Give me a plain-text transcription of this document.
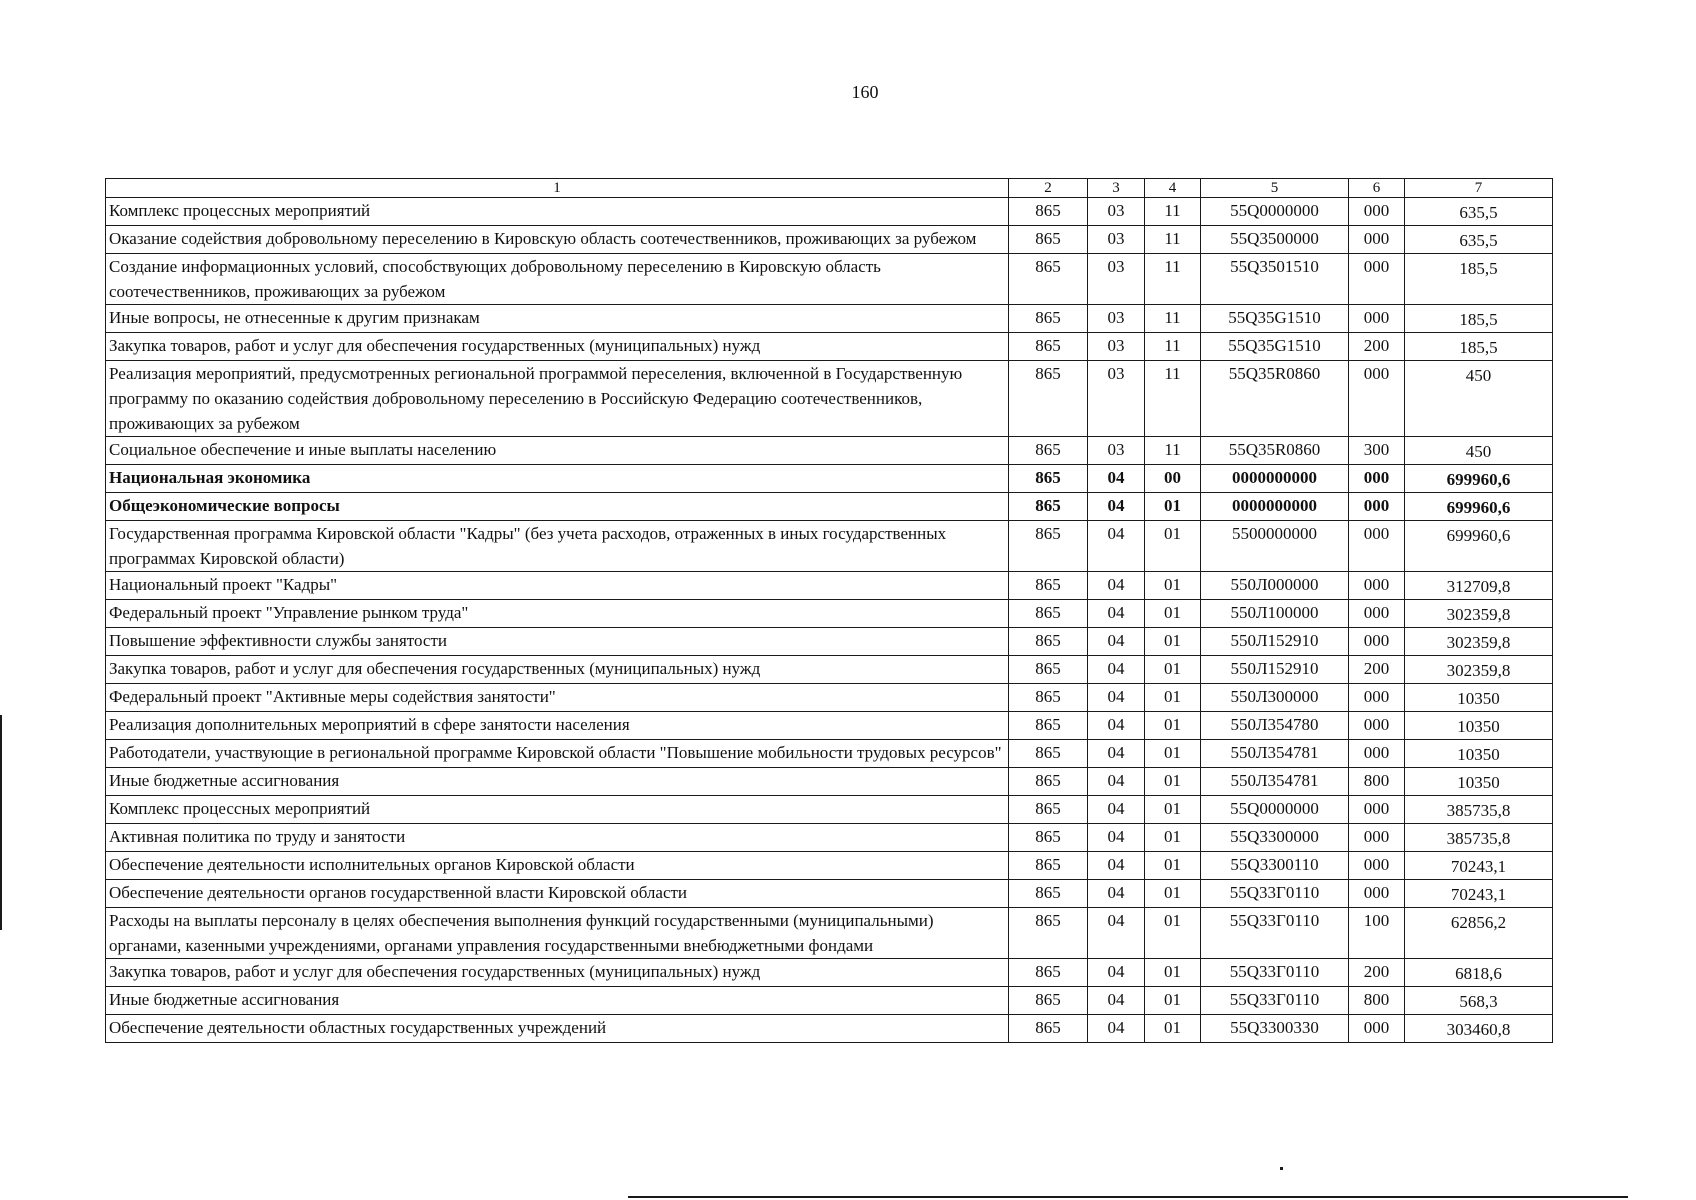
160
1	2	3	4	5	6	7
Комплекс процессных мероприятий	865	03	11	55Q0000000	000	635,5
Оказание содействия добровольному переселению в Кировскую область соотечественников, проживающих за рубежом	865	03	11	55Q3500000	000	635,5
Создание информационных условий, способствующих добровольному переселению в Кировскую область соотечественников, проживающих за рубежом	865	03	11	55Q3501510	000	185,5
Иные вопросы, не отнесенные к другим признакам	865	03	11	55Q35G1510	000	185,5
Закупка товаров, работ и услуг для обеспечения государственных (муниципальных) нужд	865	03	11	55Q35G1510	200	185,5
Реализация мероприятий, предусмотренных региональной программой переселения, включенной в Государственную программу по оказанию содействия добровольному переселению в Российскую Федерацию соотечественников, проживающих за рубежом	865	03	11	55Q35R0860	000	450
Социальное обеспечение и иные выплаты населению	865	03	11	55Q35R0860	300	450
Национальная экономика	865	04	00	0000000000	000	699960,6
Общеэкономические вопросы	865	04	01	0000000000	000	699960,6
Государственная программа Кировской области "Кадры" (без учета расходов, отраженных в иных государственных программах Кировской области)	865	04	01	5500000000	000	699960,6
Национальный проект "Кадры"	865	04	01	550Л000000	000	312709,8
Федеральный проект "Управление рынком труда"	865	04	01	550Л100000	000	302359,8
Повышение эффективности службы занятости	865	04	01	550Л152910	000	302359,8
Закупка товаров, работ и услуг для обеспечения государственных (муниципальных) нужд	865	04	01	550Л152910	200	302359,8
Федеральный проект "Активные меры содействия занятости"	865	04	01	550Л300000	000	10350
Реализация дополнительных мероприятий в сфере занятости населения	865	04	01	550Л354780	000	10350
Работодатели, участвующие в региональной программе Кировской области "Повышение мобильности трудовых ресурсов"	865	04	01	550Л354781	000	10350
Иные бюджетные ассигнования	865	04	01	550Л354781	800	10350
Комплекс процессных мероприятий	865	04	01	55Q0000000	000	385735,8
Активная политика по труду и занятости	865	04	01	55Q3300000	000	385735,8
Обеспечение деятельности исполнительных органов Кировской области	865	04	01	55Q3300110	000	70243,1
Обеспечение деятельности органов государственной власти Кировской области	865	04	01	55Q33Г0110	000	70243,1
Расходы на выплаты персоналу в целях обеспечения выполнения функций государственными (муниципальными) органами, казенными учреждениями, органами управления государственными внебюджетными фондами	865	04	01	55Q33Г0110	100	62856,2
Закупка товаров, работ и услуг для обеспечения государственных (муниципальных) нужд	865	04	01	55Q33Г0110	200	6818,6
Иные бюджетные ассигнования	865	04	01	55Q33Г0110	800	568,3
Обеспечение деятельности областных государственных учреждений	865	04	01	55Q3300330	000	303460,8
